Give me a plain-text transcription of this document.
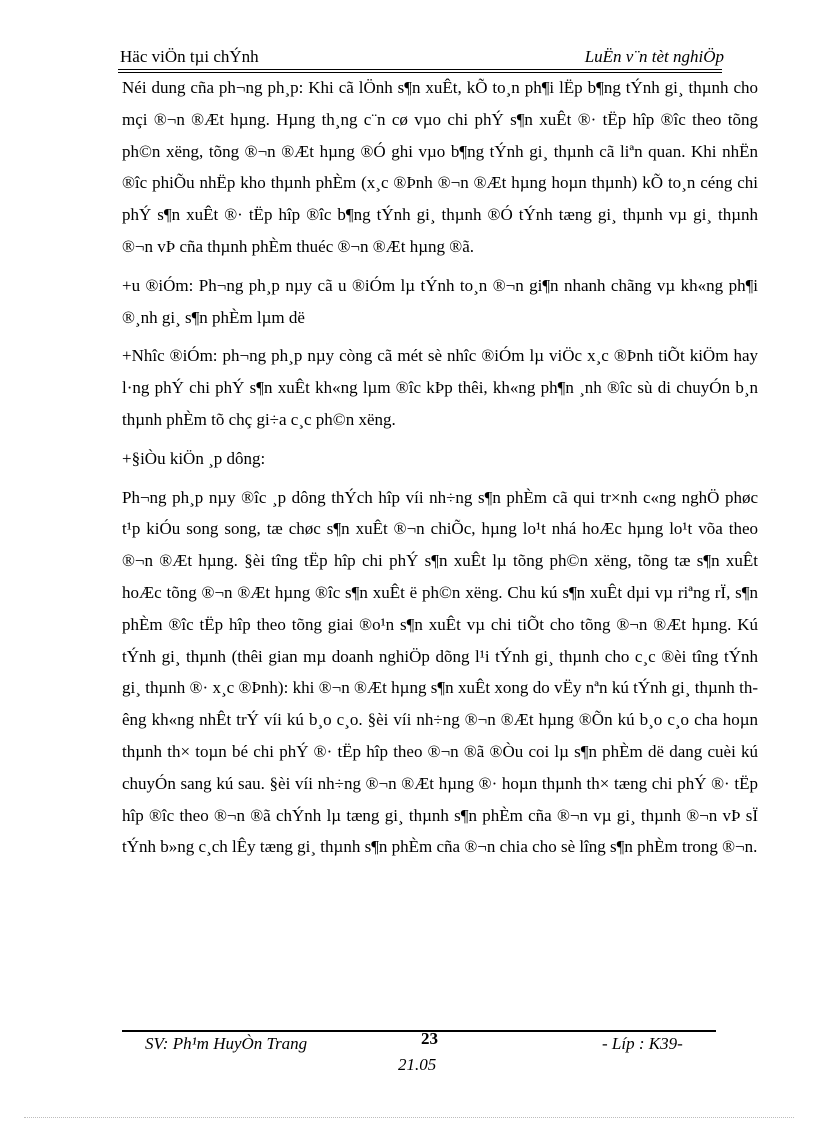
Häc viÖn tµi chÝnh	LuËn v¨n tèt nghiÖp

Néi dung cña ph¬ng ph¸p: Khi cã lÖnh s¶n xuÊt, kÕ to¸n ph¶i lËp b¶ng tÝnh gi¸ thµnh cho mçi ®¬n ®Æt hµng. Hµng th¸ng c¨n cø vµo chi phÝ s¶n xuÊt ®· tËp hîp ®îc theo tõng ph©n xëng, tõng ®¬n ®Æt hµng ®Ó ghi vµo b¶ng tÝnh gi¸ thµnh cã liªn quan. Khi nhËn ®îc phiÕu nhËp kho thµnh phÈm (x¸c ®Þnh ®¬n ®Æt hµng hoµn thµnh) kÕ to¸n céng chi phÝ s¶n xuÊt ®· tËp hîp ®îc b¶ng tÝnh gi¸ thµnh ®Ó tÝnh tæng gi¸ thµnh vµ gi¸ thµnh ®¬n vÞ cña thµnh phÈm thuéc ®¬n ®Æt hµng ®ã.

+u ®iÓm: Ph¬ng ph¸p nµy cã u ®iÓm lµ tÝnh to¸n ®¬n gi¶n nhanh chãng vµ kh«ng ph¶i ®¸nh gi¸ s¶n phÈm lµm dë

+Nhîc ®iÓm: ph¬ng ph¸p nµy còng cã mét sè nhîc ®iÓm lµ viÖc x¸c ®Þnh tiÕt kiÖm hay l·ng phÝ chi phÝ s¶n xuÊt kh«ng lµm ®îc kÞp thêi, kh«ng ph¶n ¸nh ®îc sù di chuyÓn b¸n thµnh phÈm tõ chç gi÷a c¸c ph©n xëng.

+§iÒu kiÖn ¸p dông:

Ph¬ng ph¸p nµy ®îc ¸p dông thÝch hîp víi nh÷ng s¶n phÈm cã qui tr×nh c«ng nghÖ phøc t¹p kiÓu song song, tæ chøc s¶n xuÊt ®¬n chiÕc, hµng lo¹t nhá hoÆc hµng lo¹t võa theo ®¬n ®Æt hµng. §èi tîng tËp hîp chi phÝ s¶n xuÊt lµ tõng ph©n xëng, tõng tæ s¶n xuÊt hoÆc tõng ®¬n ®Æt hµng ®îc s¶n xuÊt ë ph©n xëng. Chu kú s¶n xuÊt dµi vµ riªng rÏ, s¶n phÈm ®îc tËp hîp theo tõng giai ®o¹n s¶n xuÊt vµ chi tiÕt cho tõng ®¬n ®Æt hµng. Kú tÝnh gi¸ thµnh (thêi gian mµ doanh nghiÖp dõng l¹i tÝnh gi¸ thµnh cho c¸c ®èi tîng tÝnh gi¸ thµnh ®· x¸c ®Þnh): khi ®¬n ®Æt hµng s¶n xuÊt xong do vËy nªn kú tÝnh gi¸ thµnh thêng kh«ng nhÊt trÝ víi kú b¸o c¸o. §èi víi nh÷ng ®¬n ®Æt hµng ®Õn kú b¸o c¸o cha hoµn thµnh th× toµn bé chi phÝ ®· tËp hîp theo ®¬n ®ã ®Òu coi lµ s¶n phÈm dë dang cuèi kú chuyÓn sang kú sau. §èi víi nh÷ng ®¬n ®Æt hµng ®· hoµn thµnh th× tæng chi phÝ ®· tËp hîp ®îc theo ®¬n ®ã chÝnh lµ tæng gi¸ thµnh s¶n phÈm cña ®¬n vµ gi¸ thµnh ®¬n vÞ sÏ tÝnh b»ng c¸ch lÊy tæng gi¸ thµnh s¶n phÈm cña ®¬n chia cho sè lîng s¶n phÈm trong ®¬n.

SV: Ph¹m HuyÒn Trang	23
21.05
- Líp : K39-
